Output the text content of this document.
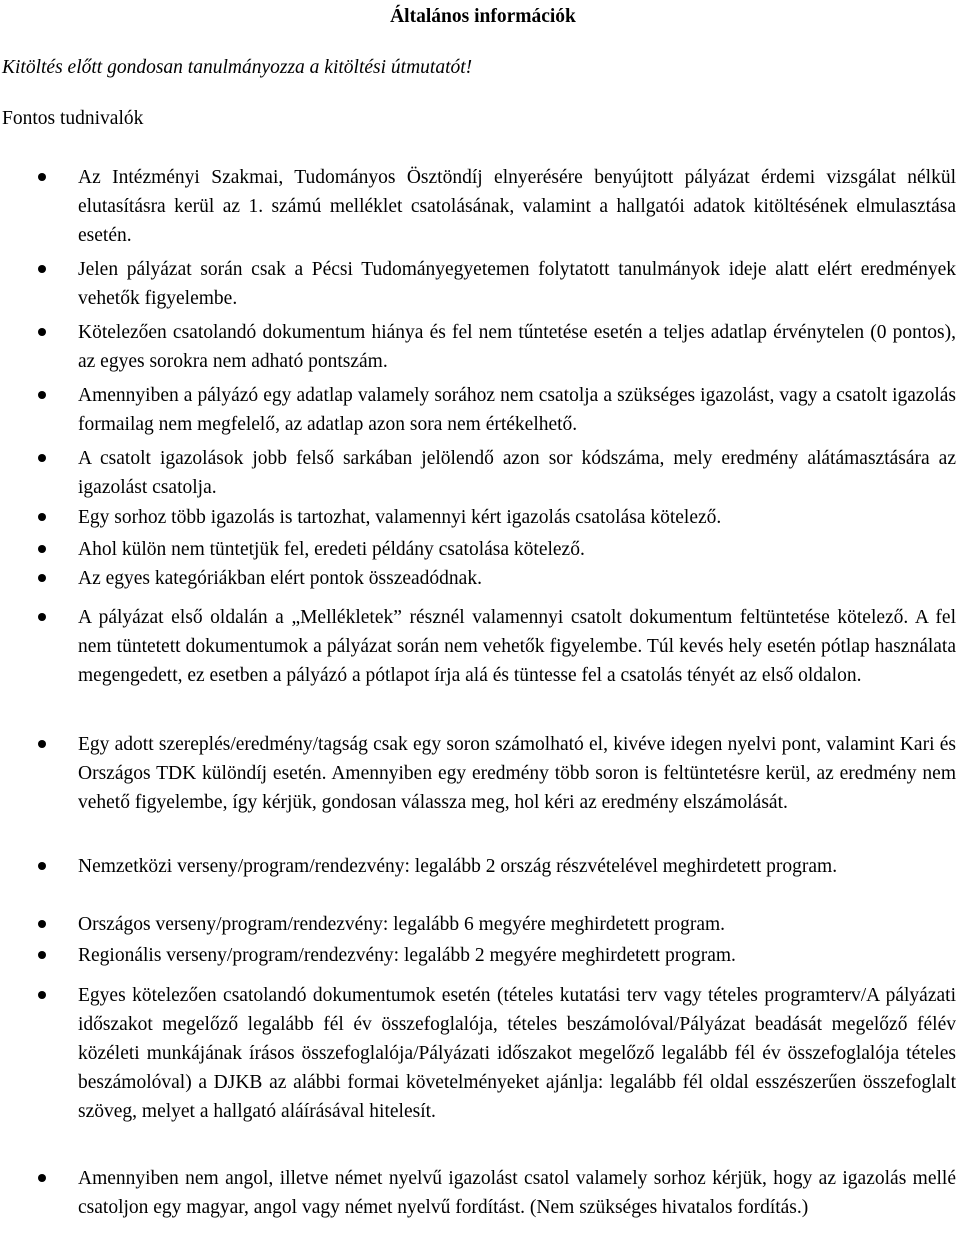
Általános információk
Kitöltés előtt gondosan tanulmányozza a kitöltési útmutatót!
Fontos tudnivalók
Az Intézményi Szakmai, Tudományos Ösztöndíj elnyerésére benyújtott pályázat érdemi vizsgálat nélkül elutasításra kerül az 1. számú melléklet csatolásának, valamint a hallgatói adatok kitöltésének elmulasztása esetén.
Jelen pályázat során csak a Pécsi Tudományegyetemen folytatott tanulmányok ideje alatt elért eredmények vehetők figyelembe.
Kötelezően csatolandó dokumentum hiánya és fel nem tűntetése esetén a teljes adatlap érvénytelen (0 pontos), az egyes sorokra nem adható pontszám.
Amennyiben a pályázó egy adatlap valamely sorához nem csatolja a szükséges igazolást, vagy a csatolt igazolás formailag nem megfelelő, az adatlap azon sora nem értékelhető.
A csatolt igazolások jobb felső sarkában jelölendő azon sor kódszáma, mely eredmény alátámasztására az igazolást csatolja.
Egy sorhoz több igazolás is tartozhat, valamennyi kért igazolás csatolása kötelező.
Ahol külön nem tüntetjük fel, eredeti példány csatolása kötelező.
Az egyes kategóriákban elért pontok összeadódnak.
A pályázat első oldalán a „Mellékletek” résznél valamennyi csatolt dokumentum feltüntetése kötelező. A fel nem tüntetett dokumentumok a pályázat során nem vehetők figyelembe. Túl kevés hely esetén pótlap használata megengedett, ez esetben a pályázó a pótlapot írja alá és tüntesse fel a csatolás tényét az első oldalon.
Egy adott szereplés/eredmény/tagság csak egy soron számolható el, kivéve idegen nyelvi pont, valamint Kari és Országos TDK különdíj esetén. Amennyiben egy eredmény több soron is feltüntetésre kerül, az eredmény nem vehető figyelembe, így kérjük, gondosan válassza meg, hol kéri az eredmény elszámolását.
Nemzetközi verseny/program/rendezvény: legalább 2 ország részvételével meghirdetett program.
Országos verseny/program/rendezvény: legalább 6 megyére meghirdetett program.
Regionális verseny/program/rendezvény: legalább 2 megyére meghirdetett program.
Egyes kötelezően csatolandó dokumentumok esetén (tételes kutatási terv vagy tételes programterv/A pályázati időszakot megelőző legalább fél év összefoglalója, tételes beszámolóval/Pályázat beadását megelőző félév közéleti munkájának írásos összefoglalója/Pályázati időszakot megelőző legalább fél év összefoglalója tételes beszámolóval) a DJKB az alábbi formai követelményeket ajánlja: legalább fél oldal esszészerűen összefoglalt szöveg, melyet a hallgató aláírásával hitelesít.
Amennyiben nem angol, illetve német nyelvű igazolást csatol valamely sorhoz kérjük, hogy az igazolás mellé csatoljon egy magyar, angol vagy német nyelvű fordítást. (Nem szükséges hivatalos fordítás.)
